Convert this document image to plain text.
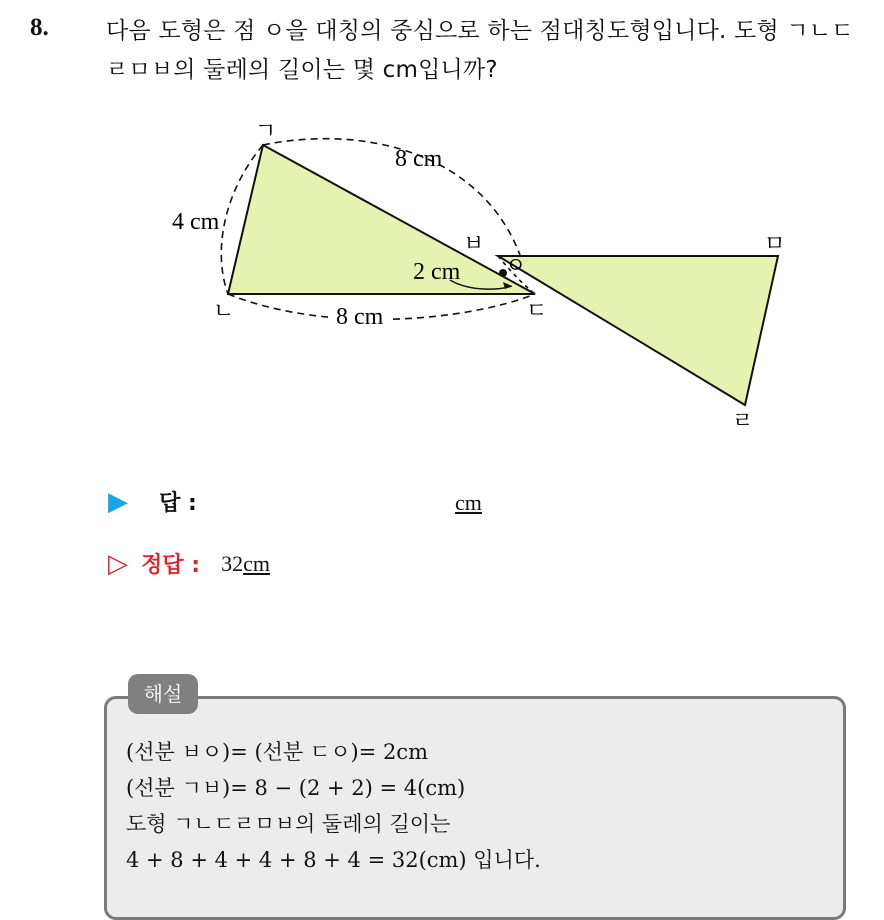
8. 다음 도형은 점 ㅇ을 대칭의 중심으로 하는 점대칭도형입니다. 도형 ㄱㄴㄷㄹㅁㅂ의 둘레의 길이는 몇 cm입니까?
ㄱ
ㄴ	ㄷ
ㄹ
ㅁ
ㅂ
ㅇ
8 cm
4 cm
2 cm
8 cm
▶ 답 :	cm
▷ 정답 : 32cm
해설
(선분 ㅂㅇ)= (선분 ㄷㅇ)= 2cm
(선분 ㄱㅂ)= 8 − (2 + 2) = 4(cm)
도형 ㄱㄴㄷㄹㅁㅂ의 둘레의 길이는
4 + 8 + 4 + 4 + 8 + 4 = 32(cm) 입니다.
